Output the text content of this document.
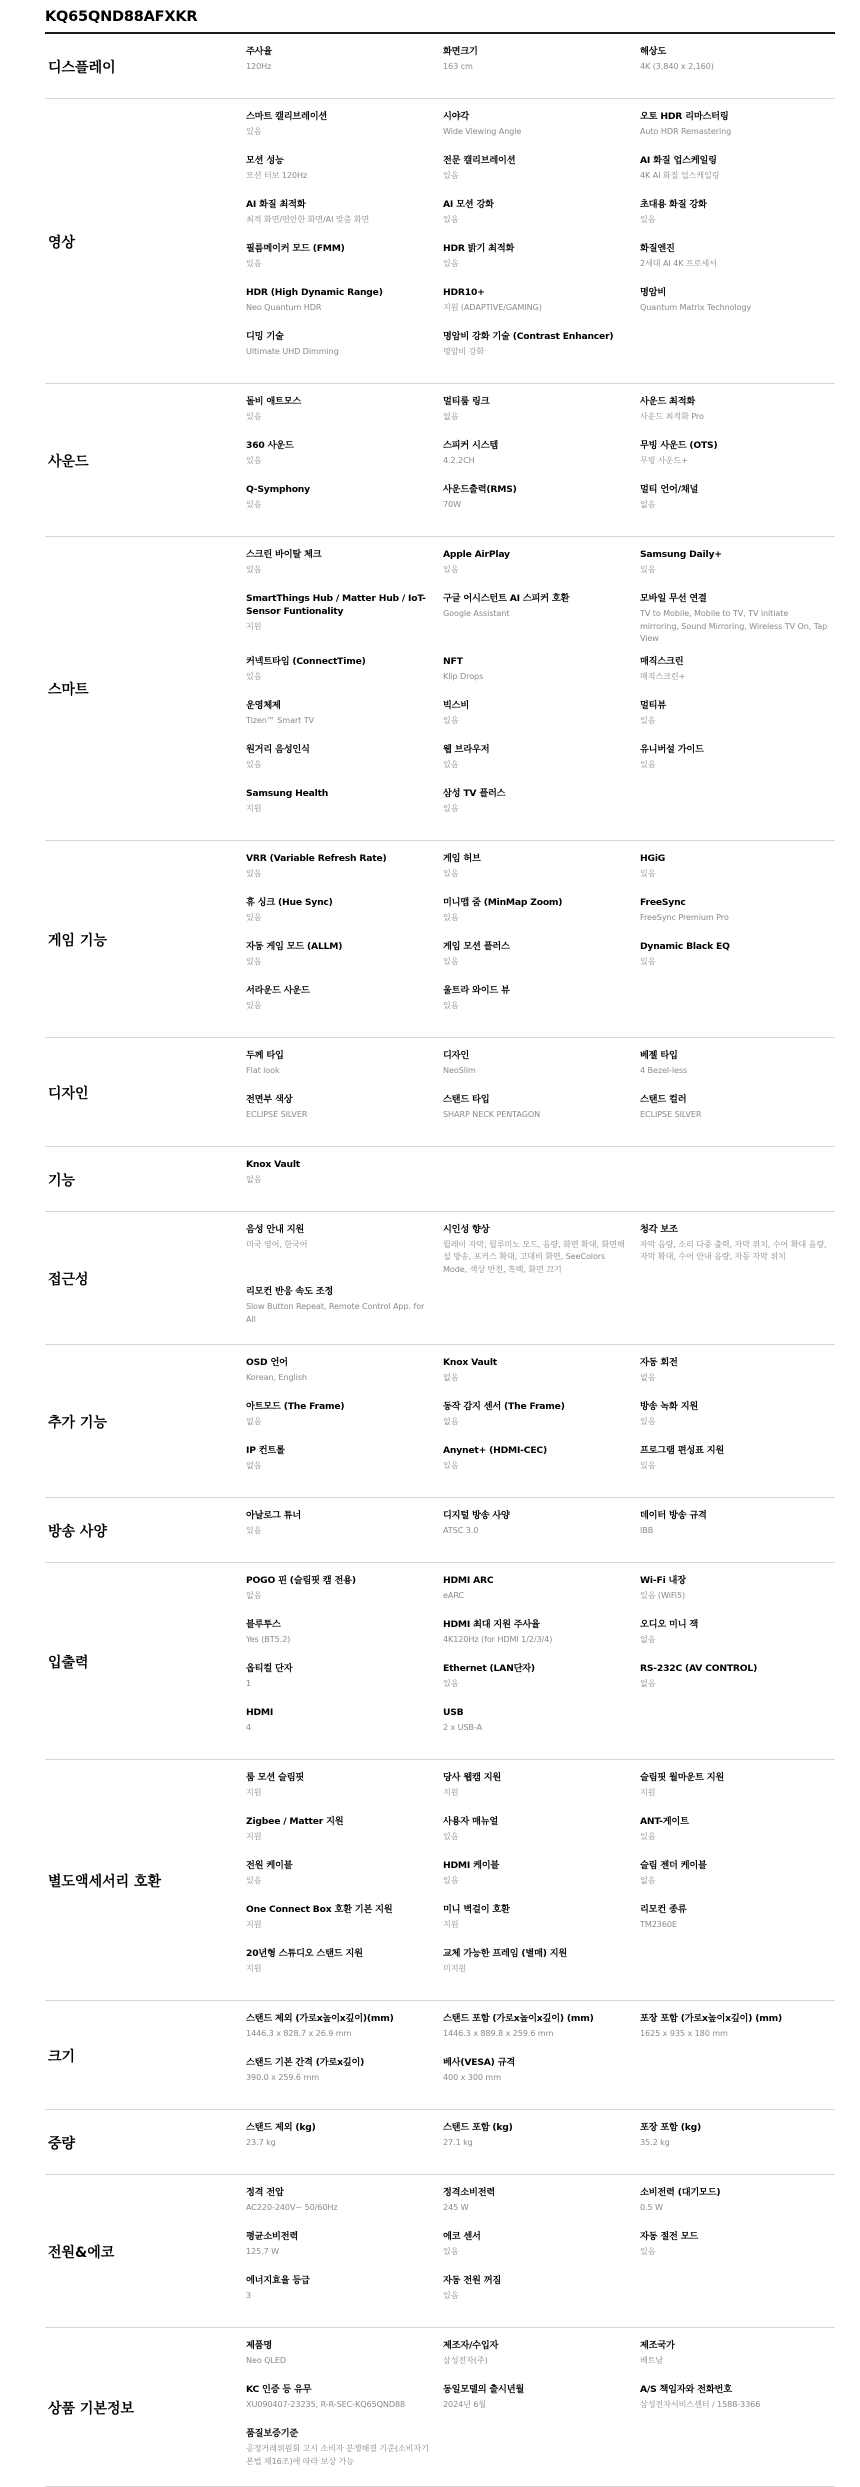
KQ65QND88AFXKR
디스플레이
주사율
120Hz
화면크기
163 cm
해상도
4K (3,840 x 2,160)
영상
스마트 캘리브레이션
있음
시야각
Wide Viewing Angle
오토 HDR 리마스터링
Auto HDR Remastering
모션 성능
모션 터보 120Hz
전문 캘리브레이션
있음
AI 화질 업스케일링
4K AI 화질 업스케일링
AI 화질 최적화
최적 화면/편안한 화면/AI 맞춤 화면
AI 모션 강화
있음
초대용 화질 강화
있음
필름메이커 모드 (FMM)
있음
HDR 밝기 최적화
있음
화질엔진
2세대 AI 4K 프로세서
HDR (High Dynamic Range)
Neo Quantum HDR
HDR10+
지원 (ADAPTIVE/GAMING)
명암비
Quantum Matrix Technology
디밍 기술
Ultimate UHD Dimming
명암비 강화 기술 (Contrast Enhancer)
명암비 강화
사운드
돌비 애트모스
있음
멀티룸 링크
없음
사운드 최적화
사운드 최적화 Pro
360 사운드
있음
스피커 시스템
4.2.2CH
무빙 사운드 (OTS)
무빙 사운드+
Q-Symphony
있음
사운드출력(RMS)
70W
멀티 언어/채널
없음
스마트
스크린 바이탈 체크
있음
Apple AirPlay
있음
Samsung Daily+
있음
SmartThings Hub / Matter Hub / IoT-Sensor Funtionality
지원
구글 어시스턴트 AI 스피커 호환
Google Assistant
모바일 무선 연결
TV to Mobile, Mobile to TV, TV initiate mirroring, Sound Mirroring, Wireless TV On, Tap View
커넥트타임 (ConnectTime)
있음
NFT
Klip Drops
매직스크린
매직스크린+
운영체제
Tizen™ Smart TV
빅스비
있음
멀티뷰
있음
원거리 음성인식
있음
웹 브라우저
있음
유니버설 가이드
있음
Samsung Health
지원
삼성 TV 플러스
있음
게임 기능
VRR (Variable Refresh Rate)
있음
게임 허브
있음
HGiG
있음
휴 싱크 (Hue Sync)
있음
미니맵 줌 (MinMap Zoom)
있음
FreeSync
FreeSync Premium Pro
자동 게임 모드 (ALLM)
있음
게임 모션 플러스
있음
Dynamic Black EQ
있음
서라운드 사운드
있음
울트라 와이드 뷰
있음
디자인
두께 타입
Flat look
디자인
NeoSlim
베젤 타입
4 Bezel-less
전면부 색상
ECLIPSE SILVER
스탠드 타입
SHARP NECK PENTAGON
스탠드 컬러
ECLIPSE SILVER
기능
Knox Vault
없음
접근성
음성 안내 지원
미국 영어, 한국어
시인성 향상
릴레이 자막, 릴루미노 모드, 음량, 화면 확대, 화면해설 방송, 포커스 확대, 고대비 화면, SeeColors Mode, 색상 반전, 흑백, 화면 끄기
청각 보조
자막 음량, 소리 다중 출력, 자막 위치, 수어 확대 음량, 자막 확대, 수어 안내 음량, 자동 자막 위치
리모컨 반응 속도 조정
Slow Button Repeat, Remote Control App. for All
추가 기능
OSD 언어
Korean, English
Knox Vault
없음
자동 회전
없음
아트모드 (The Frame)
없음
동작 감지 센서 (The Frame)
없음
방송 녹화 지원
있음
IP 컨트롤
없음
Anynet+ (HDMI-CEC)
있음
프로그램 편성표 지원
있음
방송 사양
아날로그 튜너
있음
디지털 방송 사양
ATSC 3.0
데이터 방송 규격
IBB
입출력
POGO 핀 (슬림핏 캠 전용)
없음
HDMI ARC
eARC
Wi-Fi 내장
있음 (WiFi5)
블루투스
Yes (BT5.2)
HDMI 최대 지원 주사율
4K120Hz (for HDMI 1/2/3/4)
오디오 미니 잭
없음
옵티컬 단자
1
Ethernet (LAN단자)
있음
RS-232C (AV CONTROL)
없음
HDMI
4
USB
2 x USB-A
별도액세서리 호환
룸 모션 슬림핏
지원
당사 웹캠 지원
지원
슬림핏 월마운트 지원
지원
Zigbee / Matter 지원
지원
사용자 매뉴얼
있음
ANT-게이트
있음
전원 케이블
있음
HDMI 케이블
있음
슬림 젠더 케이블
없음
One Connect Box 호환 기본 지원
지원
미니 벽걸이 호환
지원
리모컨 종류
TM2360E
20년형 스튜디오 스탠드 지원
지원
교체 가능한 프레임 (별매) 지원
미지원
크기
스탠드 제외 (가로x높이x깊이)(mm)
1446.3 x 828.7 x 26.9 mm
스탠드 포함 (가로x높이x깊이) (mm)
1446.3 x 889.8 x 259.6 mm
포장 포함 (가로x높이x깊이) (mm)
1625 x 935 x 180 mm
스탠드 기본 간격 (가로x깊이)
390.0 x 259.6 mm
베사(VESA) 규격
400 x 300 mm
중량
스탠드 제외 (kg)
23.7 kg
스탠드 포함 (kg)
27.1 kg
포장 포함 (kg)
35.2 kg
전원&에코
정격 전압
AC220-240V~ 50/60Hz
정격소비전력
245 W
소비전력 (대기모드)
0.5 W
평균소비전력
125.7 W
에코 센서
있음
자동 절전 모드
있음
에너지효율 등급
3
자동 전원 꺼짐
있음
상품 기본정보
제품명
Neo QLED
제조자/수입자
삼성전자(주)
제조국가
베트남
KC 인증 등 유무
XU090407-23235, R-R-SEC-KQ65QND88
동일모델의 출시년월
2024년 6월
A/S 책임자와 전화번호
삼성전자서비스센터 / 1588-3366
품질보증기준
공정거래위원회 고시 소비자 분쟁해결 기준(소비자기본법 제16조)에 따라 보상 가능
